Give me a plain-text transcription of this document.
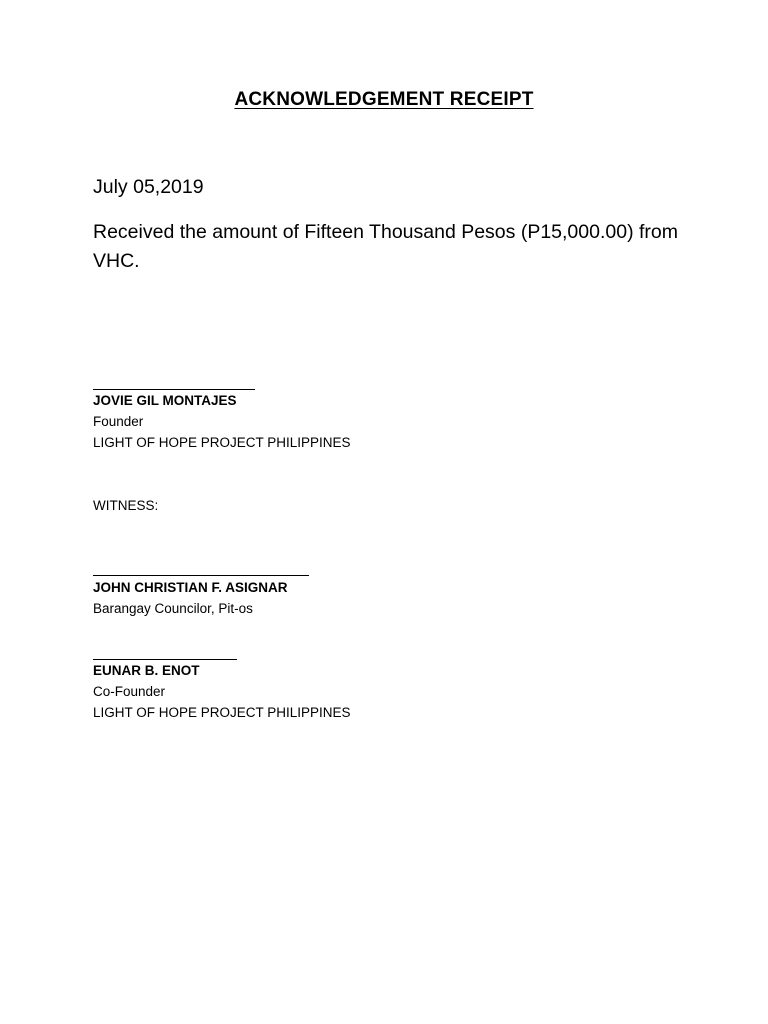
ACKNOWLEDGEMENT RECEIPT
July 05,2019
Received the amount of Fifteen Thousand Pesos (P15,000.00) from VHC.
JOVIE GIL MONTAJES
Founder
LIGHT OF HOPE PROJECT PHILIPPINES
WITNESS:
JOHN CHRISTIAN F. ASIGNAR
Barangay Councilor, Pit-os
EUNAR B. ENOT
Co-Founder
LIGHT OF HOPE PROJECT PHILIPPINES
